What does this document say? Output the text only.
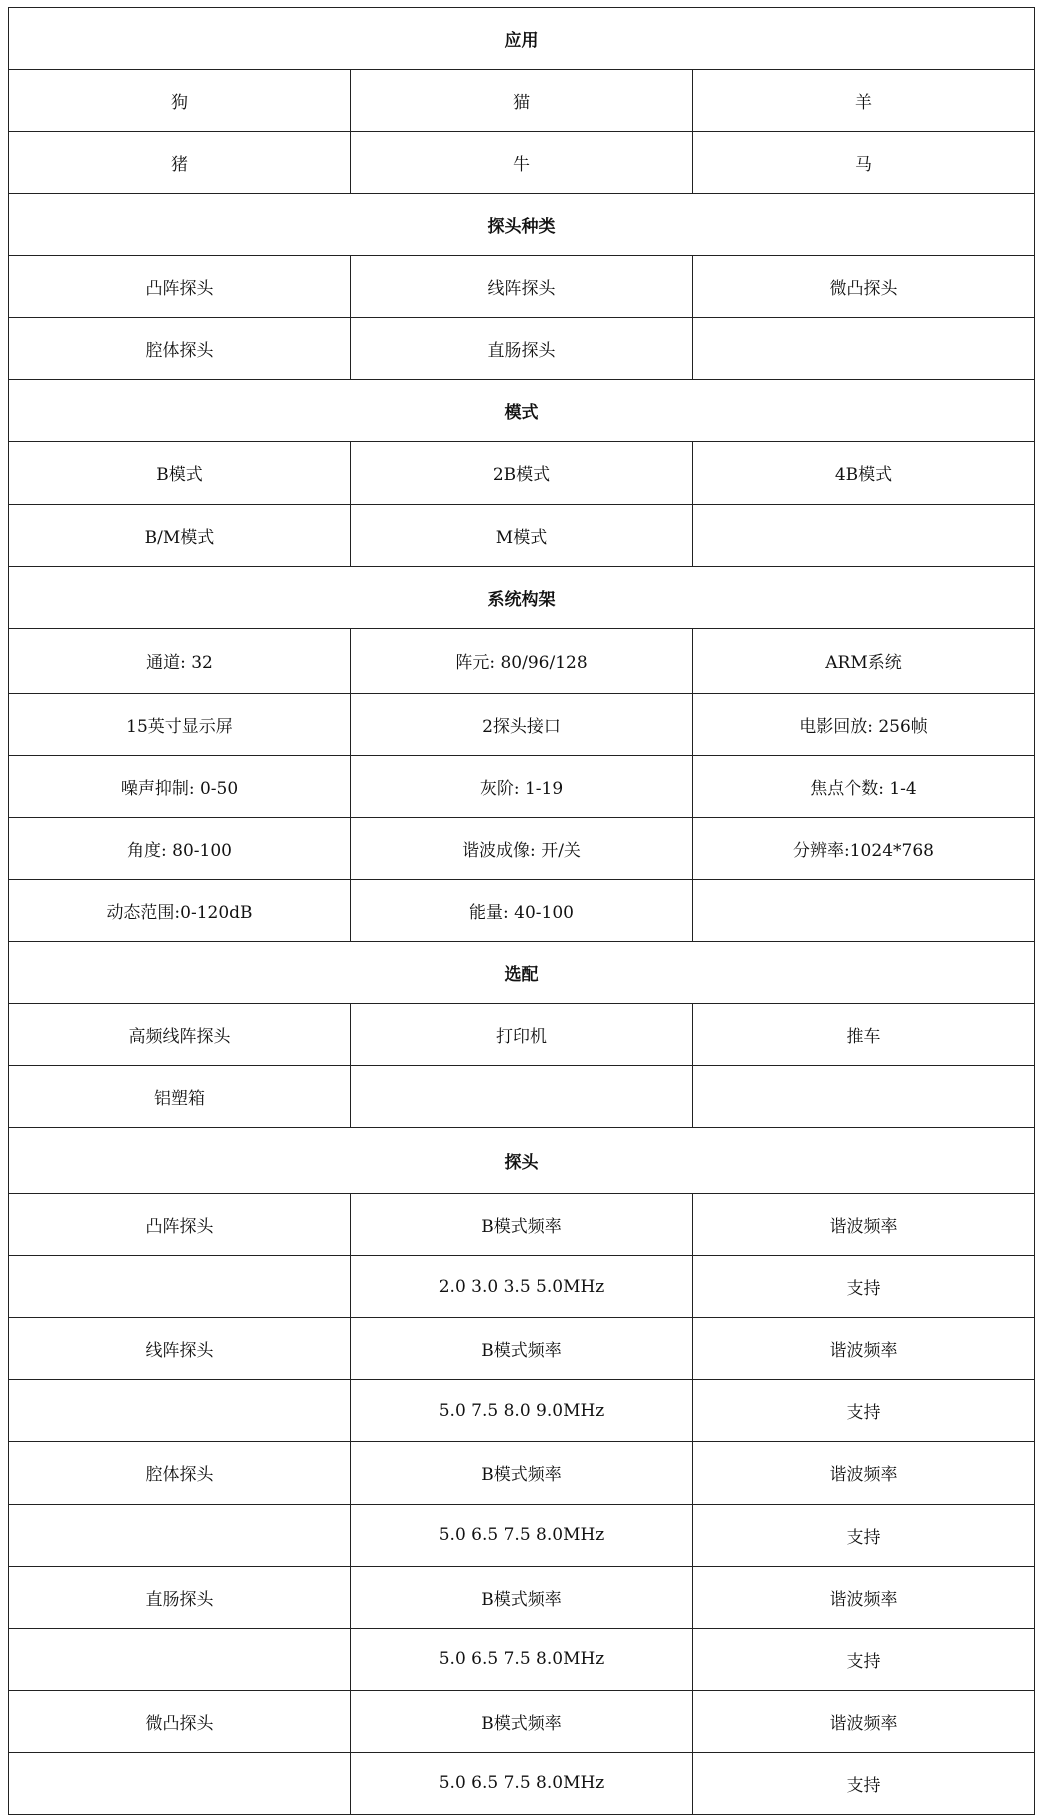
应用		
狗	猫	羊
猪	牛	马
探头种类		
凸阵探头	线阵探头	微凸探头
腔体探头	直肠探头	
模式		
B模式	2B模式	4B模式
B/M模式	M模式	
系统构架		
通道: 32	阵元: 80/96/128	ARM系统
15英寸显示屏	2探头接口	电影回放: 256帧
噪声抑制: 0-50	灰阶: 1-19	焦点个数: 1-4
角度: 80-100	谐波成像: 开/关	分辨率:1024*768
动态范围:0-120dB	能量: 40-100	
选配		
高频线阵探头	打印机	推车
铝塑箱		
探头		
凸阵探头	B模式频率	谐波频率
	2.0 3.0 3.5 5.0MHz	支持
线阵探头	B模式频率	谐波频率
	5.0 7.5 8.0 9.0MHz	支持
腔体探头	B模式频率	谐波频率
	5.0 6.5 7.5 8.0MHz	支持
直肠探头	B模式频率	谐波频率
	5.0 6.5 7.5 8.0MHz	支持
微凸探头	B模式频率	谐波频率
	5.0 6.5 7.5 8.0MHz	支持
